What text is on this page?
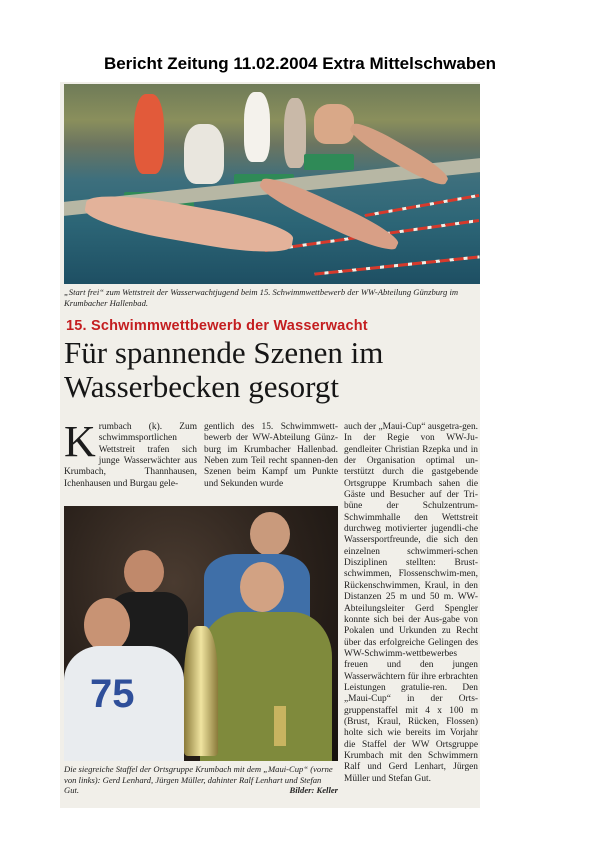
Bericht Zeitung 11.02.2004 Extra Mittelschwaben
„Start frei“ zum Wettstreit der Wasserwachtjugend beim 15. Schwimmwettbewerb der WW-Abteilung Günzburg im Krumbacher Hallenbad.
15. Schwimmwettbewerb der Wasserwacht
Für spannende Szenen im Wasserbecken gesorgt
Krumbach (k). Zum schwimmsportlichen Wettstreit trafen sich junge Wasserwächter aus Krumbach, Thannhausen, Ichenhausen und Burgau gele-
gentlich des 15. Schwimmwett-bewerb der WW-Abteilung Günz-burg im Krumbacher Hallenbad. Neben zum Teil recht spannen-den Szenen beim Kampf um Punkte und Sekunden wurde
auch der „Maui-Cup“ ausgetra-gen. In der Regie von WW-Ju-gendleiter Christian Rzepka und in der Organisation optimal un-terstützt durch die gastgebende Ortsgruppe Krumbach sahen die Gäste und Besucher auf der Tri-büne der Schulzentrum-Schwimmhalle den Wettstreit durchweg motivierter jugendli-che Wassersportfreunde, die sich den einzelnen schwimmeri-schen Disziplinen stellten: Brust-schwimmen, Flossenschwim-men, Rückenschwimmen, Kraul, in den Distanzen 25 m und 50 m. WW-Abteilungsleiter Gerd Spengler konnte sich bei der Aus-gabe von Pokalen und Urkunden zu Recht über das erfolgreiche Gelingen des WW-Schwimm-wettbewerbes freuen und den jungen Wasserwächtern für ihre erbrachten Leistungen gratulie-ren. Den „Maui-Cup“ in der Orts-gruppenstaffel mit 4 x 100 m (Brust, Kraul, Rücken, Flossen) holte sich wie bereits im Vorjahr die Staffel der WW Ortsgruppe Krumbach mit den Schwimmern Ralf und Gerd Lenhart, Jürgen Müller und Stefan Gut.
75
Die siegreiche Staffel der Ortsgruppe Krumbach mit dem „Maui-Cup“ (vorne von links): Gerd Lenhard, Jürgen Müller, dahinter Ralf Lenhart und Stefan Gut.	Bilder: Keller
